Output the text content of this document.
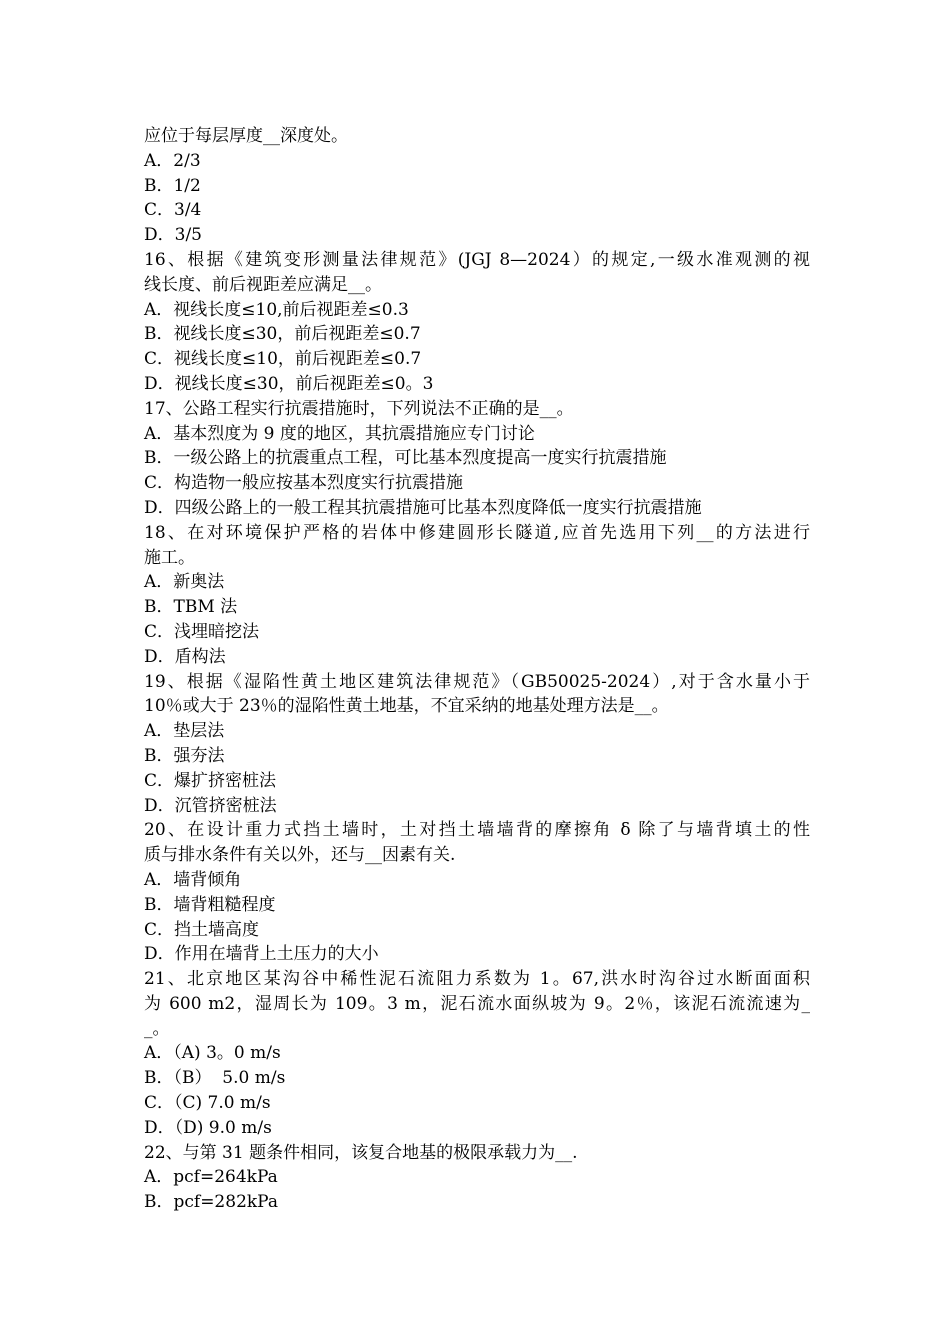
应位于每层厚度__深度处。
A．2/3
B．1/2
C．3/4
D．3/5
16、根据《建筑变形测量法律规范》(JGJ 8—2024）的规定,一级水准观测的视
线长度、前后视距差应满足__。
A．视线长度≤10,前后视距差≤0.3
B．视线长度≤30，前后视距差≤0.7
C．视线长度≤10，前后视距差≤0.7
D．视线长度≤30，前后视距差≤0。3
17、公路工程实行抗震措施时，下列说法不正确的是__。
A．基本烈度为 9 度的地区，其抗震措施应专门讨论
B．一级公路上的抗震重点工程，可比基本烈度提高一度实行抗震措施
C．构造物一般应按基本烈度实行抗震措施
D．四级公路上的一般工程其抗震措施可比基本烈度降低一度实行抗震措施
18、在对环境保护严格的岩体中修建圆形长隧道,应首先选用下列__的方法进行
施工。
A．新奥法
B．TBM 法
C．浅埋暗挖法
D．盾构法
19、根据《湿陷性黄土地区建筑法律规范》（GB50025-2024）,对于含水量小于
10％或大于 23％的湿陷性黄土地基，不宜采纳的地基处理方法是__。
A．垫层法
B．强夯法
C．爆扩挤密桩法
D．沉管挤密桩法
20、在设计重力式挡土墙时，土对挡土墙墙背的摩擦角 δ 除了与墙背填土的性
质与排水条件有关以外，还与__因素有关.
A．墙背倾角
B．墙背粗糙程度
C．挡土墙高度
D．作用在墙背上土压力的大小
21、北京地区某沟谷中稀性泥石流阻力系数为 1。67,洪水时沟谷过水断面面积
为 600 m2，湿周长为 109。3 m，泥石流水面纵坡为 9。2％，该泥石流流速为_
_。
A．（A) 3。0 m/s
B．（B）  5.0 m/s
C．（C) 7.0 m/s
D．（D) 9.0 m/s
22、与第 31 题条件相同，该复合地基的极限承载力为__.
A．pcf=264kPa
B．pcf=282kPa
